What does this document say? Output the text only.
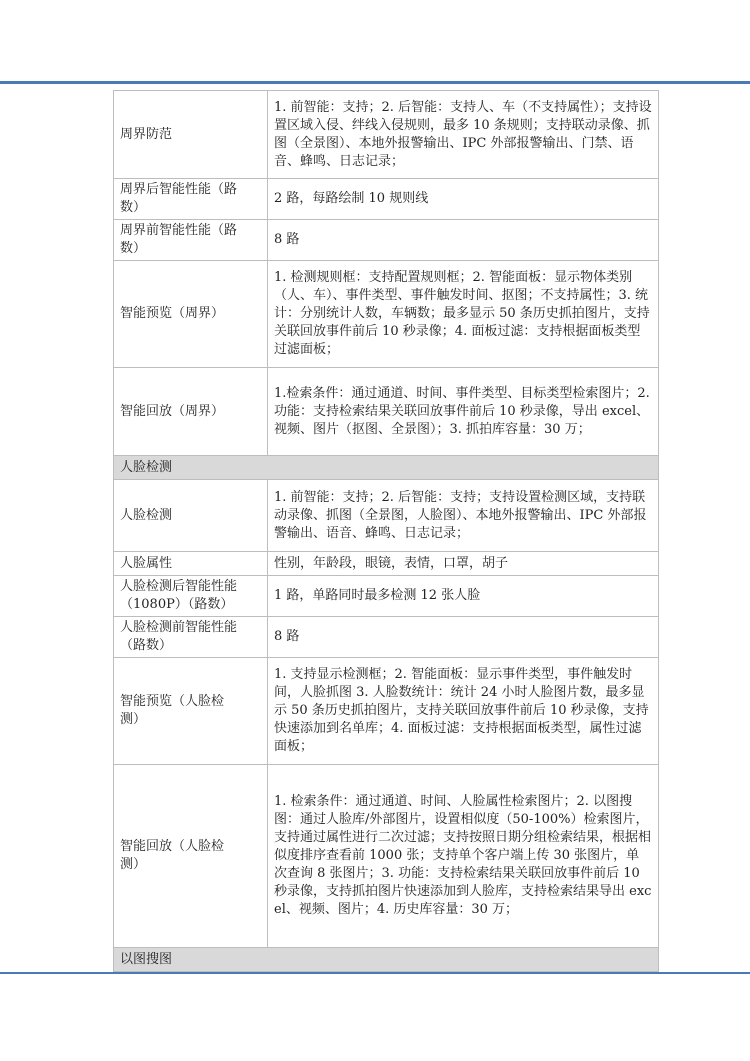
周界防范	1. 前智能：支持；2. 后智能：支持人、车（不支持属性）；支持设置区域入侵、绊线入侵规则，最多 10 条规则；支持联动录像、抓图（全景图）、本地外报警输出、IPC 外部报警输出、门禁、语音、蜂鸣、日志记录；
周界后智能性能（路
数）	2 路，每路绘制 10 规则线
周界前智能性能（路
数）	8 路
智能预览（周界）	1. 检测规则框：支持配置规则框；2. 智能面板：显示物体类别（人、车）、事件类型、事件触发时间、抠图；不支持属性；3. 统计：分别统计人数，车辆数；最多显示 50 条历史抓拍图片，支持关联回放事件前后 10 秒录像；4. 面板过滤：支持根据面板类型过滤面板；
智能回放（周界）	1.检索条件：通过通道、时间、事件类型、目标类型检索图片；2. 功能：支持检索结果关联回放事件前后 10 秒录像，导出 excel、视频、图片（抠图、全景图）；3. 抓拍库容量：30 万；
人脸检测	
人脸检测	1. 前智能：支持；2. 后智能：支持；支持设置检测区域，支持联动录像、抓图（全景图，人脸图）、本地外报警输出、IPC 外部报警输出、语音、蜂鸣、日志记录；
人脸属性	性别，年龄段，眼镜，表情，口罩，胡子
人脸检测后智能性能
（1080P）（路数）	1 路，单路同时最多检测 12 张人脸
人脸检测前智能性能
（路数）	8 路
智能预览（人脸检
测）	1. 支持显示检测框；2. 智能面板：显示事件类型，事件触发时间，人脸抓图 3. 人脸数统计：统计 24 小时人脸图片数，最多显示 50 条历史抓拍图片，支持关联回放事件前后 10 秒录像，支持快速添加到名单库；4. 面板过滤：支持根据面板类型，属性过滤面板；
智能回放（人脸检
测）	1. 检索条件：通过通道、时间、人脸属性检索图片；2. 以图搜图：通过人脸库/外部图片，设置相似度（50-100%）检索图片，支持通过属性进行二次过滤；支持按照日期分组检索结果，根据相似度排序查看前 1000 张；支持单个客户端上传 30 张图片，单次查询 8 张图片；3. 功能：支持检索结果关联回放事件前后 10 秒录像，支持抓拍图片快速添加到人脸库，支持检索结果导出 excel、视频、图片；4. 历史库容量：30 万；
以图搜图	
